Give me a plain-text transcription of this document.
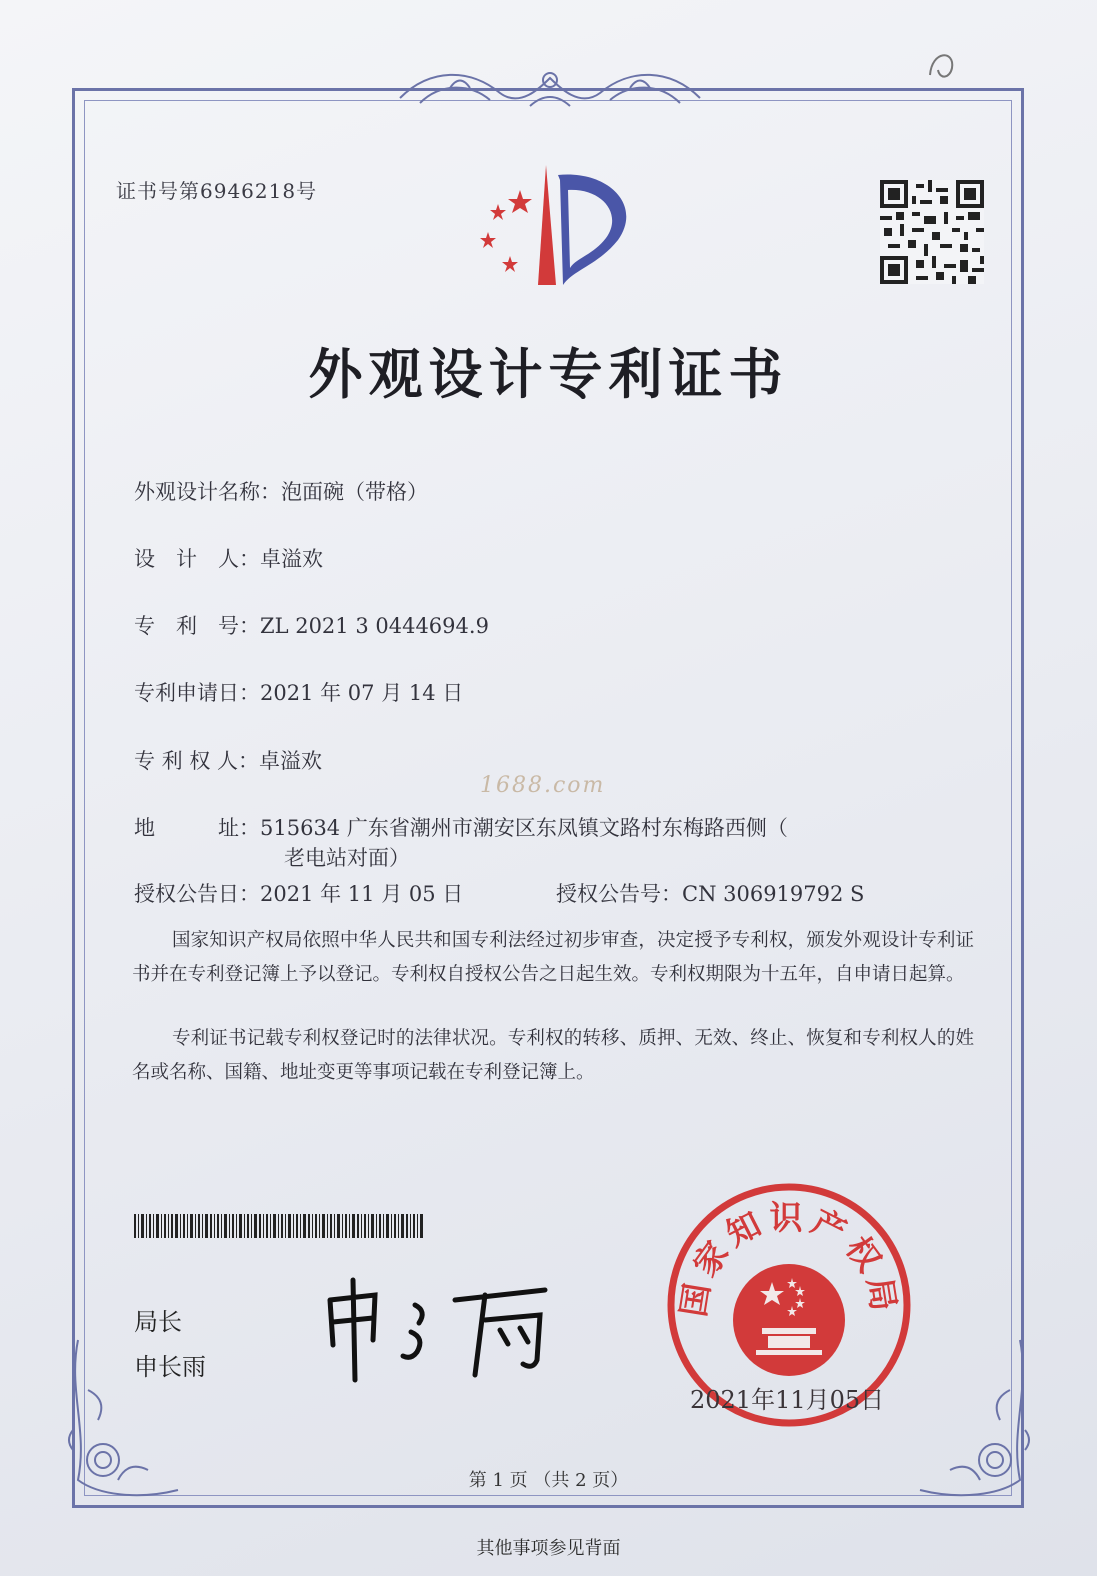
证书号第6946218号
外观设计专利证书
外观设计名称：泡面碗（带格）
设　计　人：卓溢欢
专　利　号：ZL 2021 3 0444694.9
专利申请日：2021 年 07 月 14 日
专 利 权 人：卓溢欢
1688.com
地　　　址：515634 广东省潮州市潮安区东凤镇文路村东梅路西侧（
老电站对面）
授权公告日：2021 年 11 月 05 日	授权公告号：CN 306919792 S
国家知识产权局依照中华人民共和国专利法经过初步审查，决定授予专利权，颁发外观设计专利证书并在专利登记簿上予以登记。专利权自授权公告之日起生效。专利权期限为十五年，自申请日起算。
专利证书记载专利权登记时的法律状况。专利权的转移、质押、无效、终止、恢复和专利权人的姓名或名称、国籍、地址变更等事项记载在专利登记簿上。
局长
申长雨
国家知识产权局
2021年11月05日
第 1 页 （共 2 页）
其他事项参见背面
